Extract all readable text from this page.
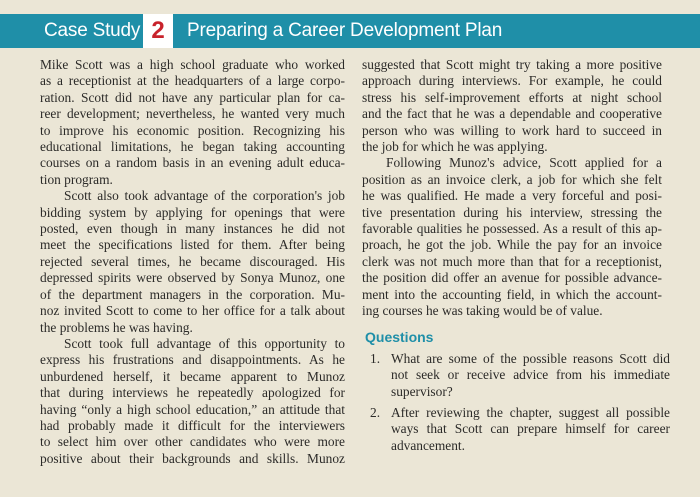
Case Study 2	Preparing a Career Development Plan
Mike Scott was a high school graduate who worked
as a receptionist at the headquarters of a large corpo-
ration. Scott did not have any particular plan for ca-
reer development; nevertheless, he wanted very much
to improve his economic position. Recognizing his
educational limitations, he began taking accounting
courses on a random basis in an evening adult educa-
tion program.
Scott also took advantage of the corporation's job
bidding system by applying for openings that were
posted, even though in many instances he did not
meet the specifications listed for them. After being
rejected several times, he became discouraged. His
depressed spirits were observed by Sonya Munoz, one
of the department managers in the corporation. Mu-
noz invited Scott to come to her office for a talk about
the problems he was having.
Scott took full advantage of this opportunity to
express his frustrations and disappointments. As he
unburdened herself, it became apparent to Munoz
that during interviews he repeatedly apologized for
having “only a high school education,” an attitude that
had probably made it difficult for the interviewers
to select him over other candidates who were more
positive about their backgrounds and skills. Munoz
suggested that Scott might try taking a more positive
approach during interviews. For example, he could
stress his self-improvement efforts at night school
and the fact that he was a dependable and cooperative
person who was willing to work hard to succeed in
the job for which he was applying.
Following Munoz's advice, Scott applied for a
position as an invoice clerk, a job for which she felt
he was qualified. He made a very forceful and posi-
tive presentation during his interview, stressing the
favorable qualities he possessed. As a result of this ap-
proach, he got the job. While the pay for an invoice
clerk was not much more than that for a receptionist,
the position did offer an avenue for possible advance-
ment into the accounting field, in which the account-
ing courses he was taking would be of value.
Questions
1. What are some of the possible reasons Scott did
not seek or receive advice from his immediate
supervisor?
2. After reviewing the chapter, suggest all possible
ways that Scott can prepare himself for career
advancement.
